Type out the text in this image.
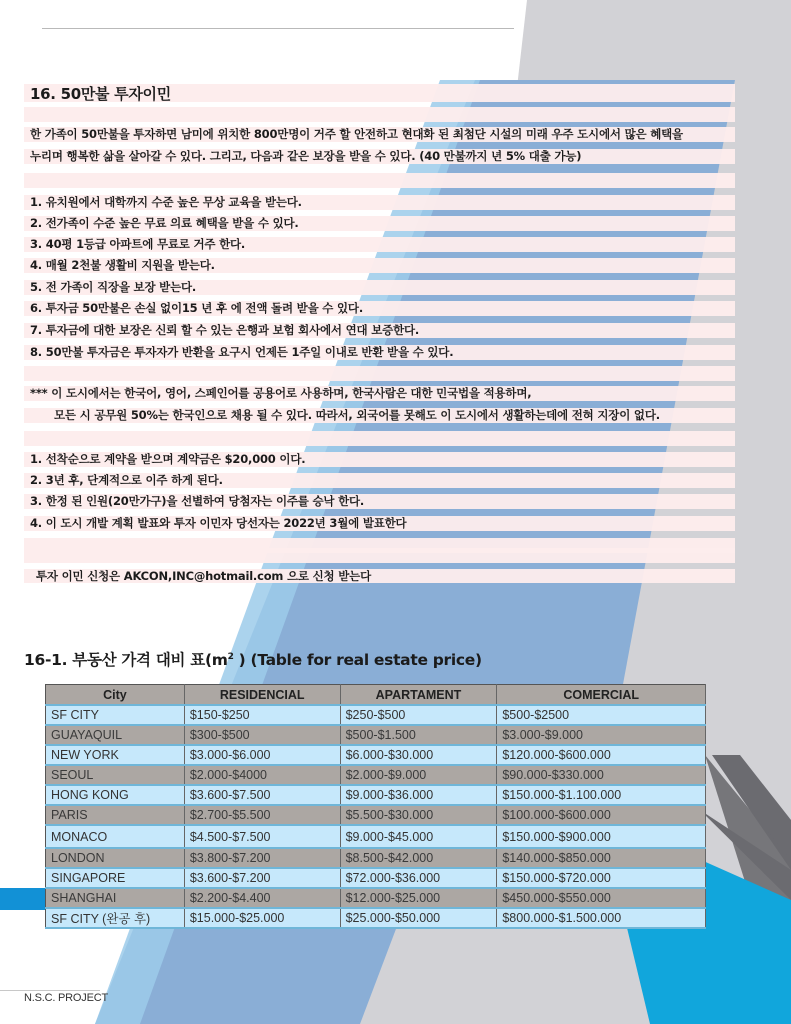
16. 50만불 투자이민
한 가족이 50만불을 투자하면 남미에 위치한 800만명이 거주 할 안전하고 현대화 된 최첨단 시설의 미래 우주 도시에서 많은 혜택을
누리며 행복한 삶을 살아갈 수 있다. 그리고, 다음과 같은 보장을 받을 수 있다. (40 만불까지 년 5% 대출 가능)
1. 유치원에서 대학까지 수준 높은 무상 교육을 받는다.
2. 전가족이 수준 높은 무료 의료 혜택을 받을 수 있다.
3. 40평 1등급 아파트에 무료로 거주 한다.
4. 매월 2천불 생활비 지원을 받는다.
5. 전 가족이 직장을 보장 받는다.
6. 투자금 50만불은 손실 없이15 년 후 에 전액 돌려 받을 수 있다.
7. 투자금에 대한 보장은 신뢰 할 수 있는 은행과 보험 회사에서 연대 보증한다.
8. 50만불 투자금은 투자자가 반환을 요구시 언제든 1주일 이내로 반환 받을 수 있다.
*** 이 도시에서는 한국어, 영어, 스페인어를 공용어로 사용하며, 한국사람은 대한 민국법을 적용하며,
모든 시 공무원 50%는 한국인으로 채용 될 수 있다. 따라서, 외국어를 못해도 이 도시에서 생활하는데에 전혀 지장이 없다.
1. 선착순으로 계약을 받으며 계약금은 $20,000 이다.
2. 3년 후, 단계적으로 이주 하게 된다.
3. 한정 된 인원(20만가구)을 선별하여 당첨자는 이주를 승낙 한다.
4. 이 도시 개발 계획 발표와 투자 이민자 당선자는 2022년 3월에 발표한다
투자 이민 신청은 AKCON,INC@hotmail.com 으로 신청 받는다
16-1. 부동산 가격 대비 표($m^2$ ) (Table for real estate price)
City	RESIDENCIAL	APARTAMENT	COMERCIAL
SF CITY	$150-$250	$250-$500	$500-$2500
GUAYAQUIL	$300-$500	$500-$1.500	$3.000-$9.000
NEW YORK	$3.000-$6.000	$6.000-$30.000	$120.000-$600.000
SEOUL	$2.000-$4000	$2.000-$9.000	$90.000-$330.000
HONG KONG	$3.600-$7.500	$9.000-$36.000	$150.000-$1.100.000
PARIS	$2.700-$5.500	$5.500-$30.000	$100.000-$600.000
MONACO	$4.500-$7.500	$9.000-$45.000	$150.000-$900.000
LONDON	$3.800-$7.200	$8.500-$42.000	$140.000-$850.000
SINGAPORE	$3.600-$7.200	$72.000-$36.000	$150.000-$720.000
SHANGHAI	$2.200-$4.400	$12.000-$25.000	$450.000-$550.000
SF CITY (완공 후)	$15.000-$25.000	$25.000-$50.000	$800.000-$1.500.000
N.S.C. PROJECT
